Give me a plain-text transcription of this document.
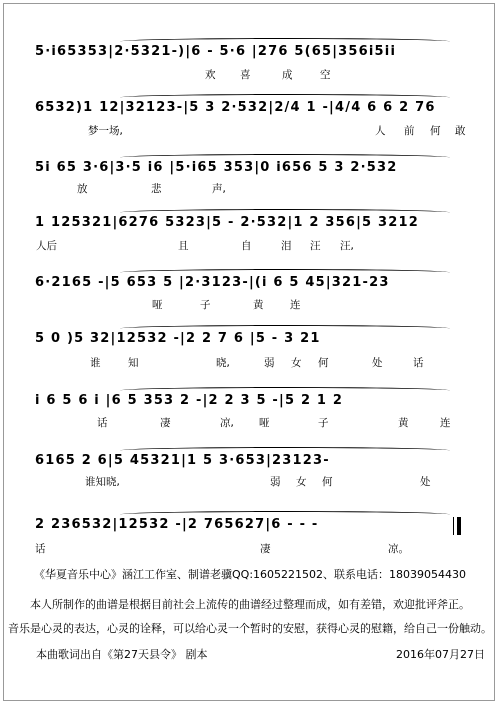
5·i65353|2·5321-)|6 - 5·6 |276 5(65|356i5ii
欢 喜	成	空
6532)1 12|32123-|5 3 2·532|2/4 1 -|4/4 6 6 2 76
梦一场,	人 前 何 敢
5i 65 3·6|3·5 i6 |5·i65 353|0 i656 5 3 2·532
放	悲	声,
1 125321|6276 5323|5 - 2·532|1 2 356|5 3212
人后	且	自	泪 汪 汪,
6·2165 -|5 653 5 |2·3123-|(i 6 5 45|321-23
哑	子	黄	连
5 0 )5 32|12532 -|2 2 7 6 |5 - 3 21
谁	知	晓,	弱 女 何	处	话
i 6 5 6 i |6 5 353 2 -|2 2 3 5 -|5 2 1 2
话	凄	凉, 哑	子	黄	连
6165 2 6|5 45321|1 5 3·653|23123-
谁知晓,	弱 女 何	处
2 236532|12532 -|2 765627|6 - - -
话	凄	凉。
《华夏音乐中心》涵江工作室、制谱老骥QQ:1605221502、联系电话：18039054430
本人所制作的曲谱是根据目前社会上流传的曲谱经过整理而成，如有差错，欢迎批评斧正。
音乐是心灵的表达，心灵的诠释，可以给心灵一个暂时的安慰，获得心灵的慰籍，给自己一份触动。
本曲歌词出自《第27天县令》 剧本	2016年07月27日
